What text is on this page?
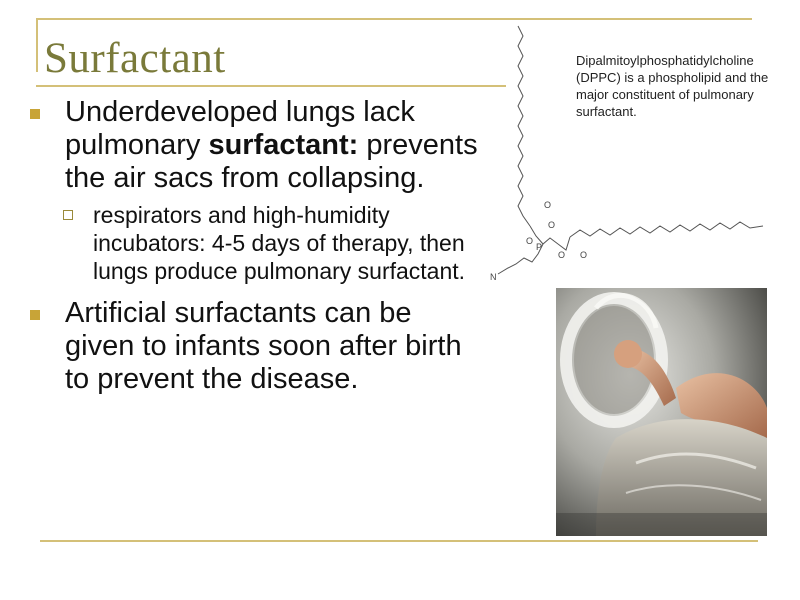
Surfactant
Underdeveloped lungs lack pulmonary surfactant: prevents the air sacs from collapsing.
respirators and high-humidity incubators: 4-5 days of therapy, then lungs produce pulmonary surfactant.
Artificial surfactants can be given to infants soon after birth to prevent the disease.
O
O
P
O
O O
N
Dipalmitoylphosphatidylcholine (DPPC) is a phospholipid and the major constituent of pulmonary surfactant.
